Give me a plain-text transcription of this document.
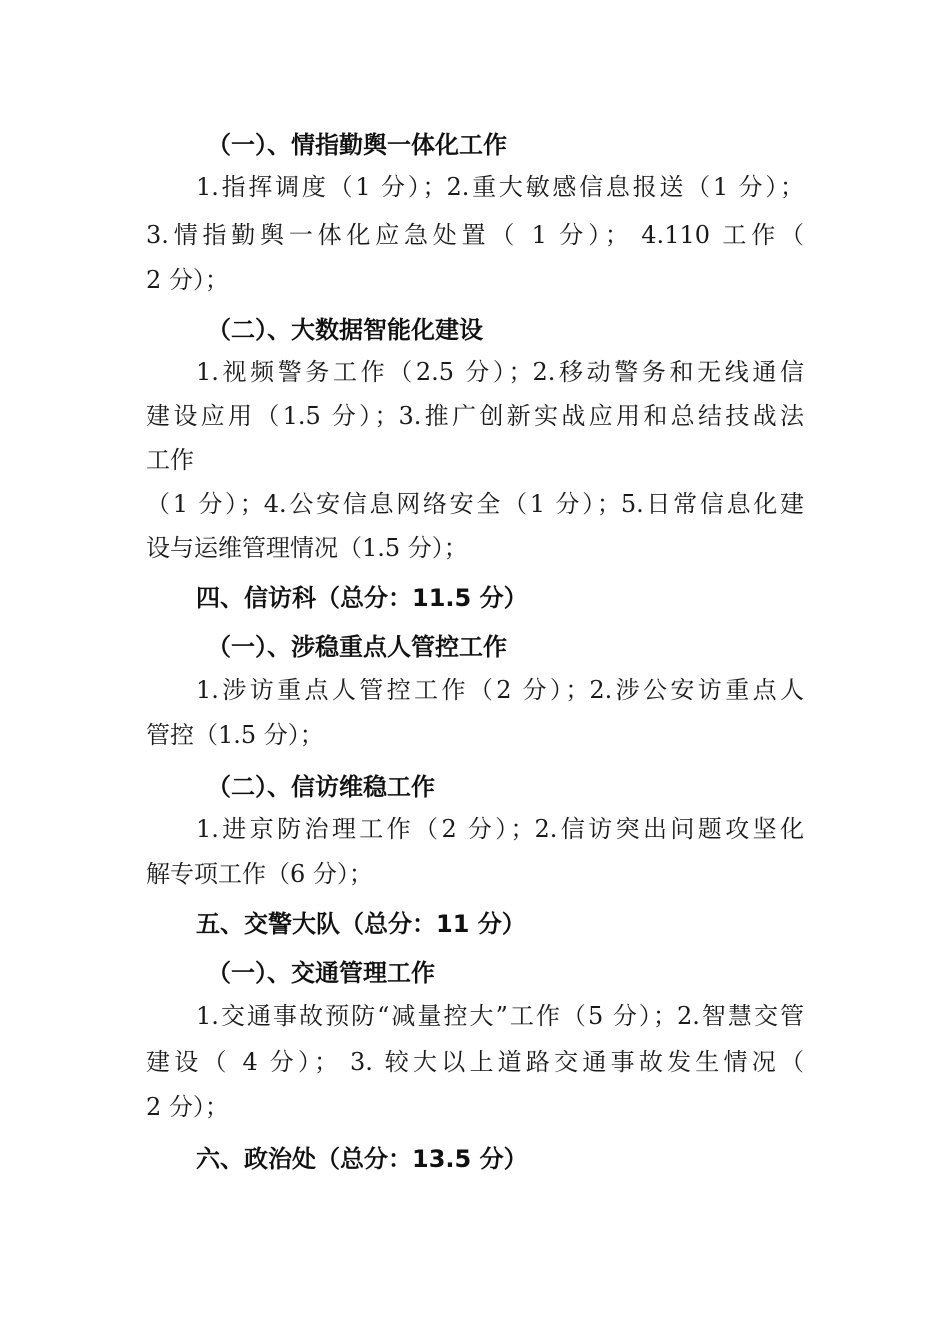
（一）、情指勤舆一体化工作
1.指挥调度（1 分）；2.重大敏感信息报送（1 分）；
3.情指勤舆一体化应急处置（ 1 分）； 4.110 工作（
2 分）；
（二）、大数据智能化建设
1.视频警务工作（2.5 分）；2.移动警务和无线通信
建设应用（1.5 分）；3.推广创新实战应用和总结技战法
工作
（1 分）；4.公安信息网络安全（1 分）；5.日常信息化建
设与运维管理情况（1.5 分）；
四、信访科（总分：11.5 分）
（一）、涉稳重点人管控工作
1.涉访重点人管控工作（2 分）；2.涉公安访重点人
管控（1.5 分）；
（二）、信访维稳工作
1.进京防治理工作（2 分）；2.信访突出问题攻坚化
解专项工作（6 分）；
五、交警大队（总分：11 分）
（一）、交通管理工作
1.交通事故预防“减量控大”工作（5 分）；2.智慧交管
建设（ 4 分）； 3. 较大以上道路交通事故发生情况（
2 分）；
六、政治处（总分：13.5 分）
